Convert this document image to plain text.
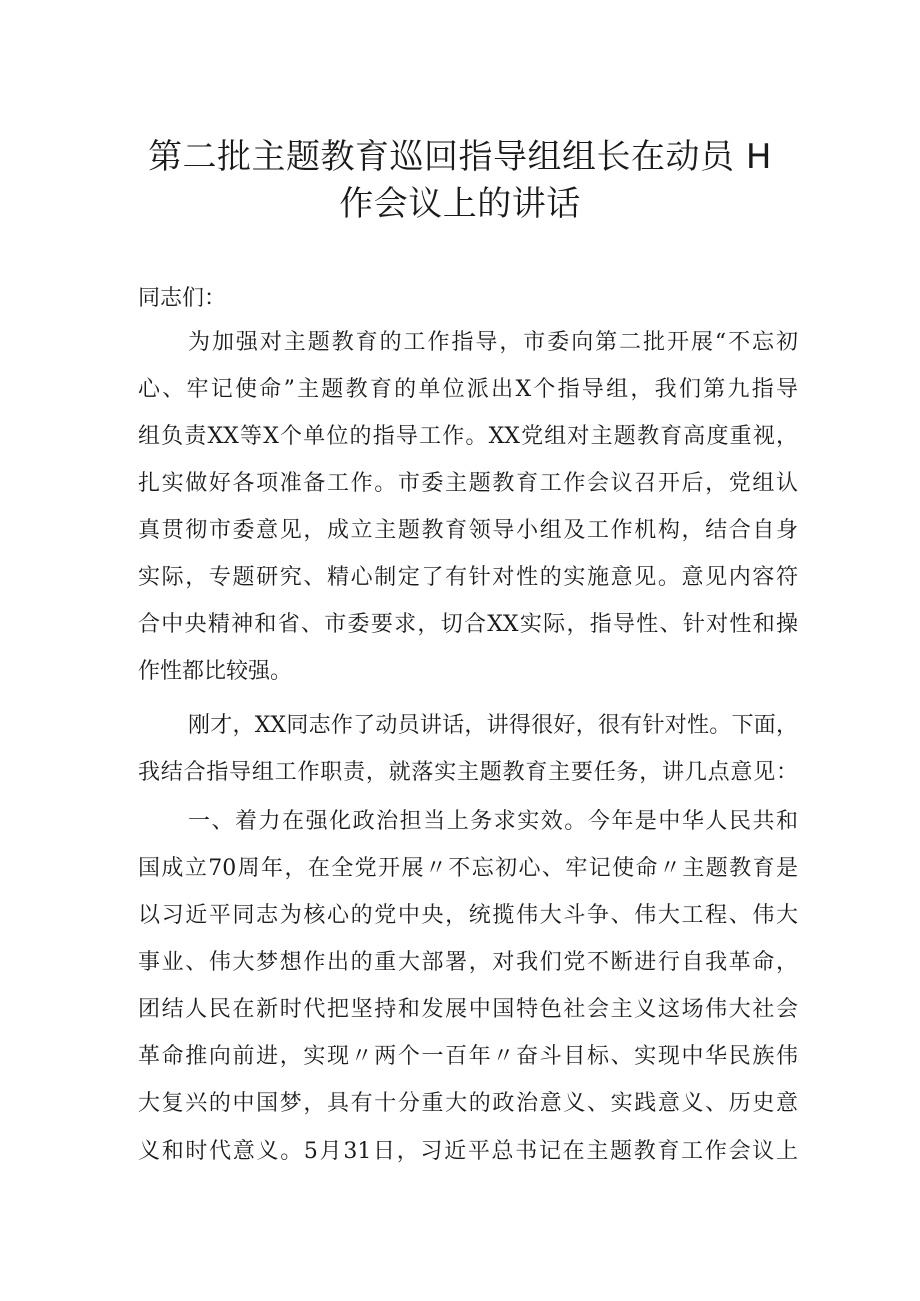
第二批主题教育巡回指导组组长在动员 H
作会议上的讲话
同志们：
为加强对主题教育的工作指导，市委向第二批开展“不忘初
心、牢记使命”主题教育的单位派出X个指导组，我们第九指导
组负责XX等X个单位的指导工作。XX党组对主题教育高度重视，
扎实做好各项准备工作。市委主题教育工作会议召开后，党组认
真贯彻市委意见，成立主题教育领导小组及工作机构，结合自身
实际，专题研究、精心制定了有针对性的实施意见。意见内容符
合中央精神和省、市委要求，切合XX实际，指导性、针对性和操
作性都比较强。
刚才，XX同志作了动员讲话，讲得很好，很有针对性。下面，
我结合指导组工作职责，就落实主题教育主要任务，讲几点意见：
一、着力在强化政治担当上务求实效。今年是中华人民共和
国成立70周年，在全党开展〃不忘初心、牢记使命〃主题教育是
以习近平同志为核心的党中央，统揽伟大斗争、伟大工程、伟大
事业、伟大梦想作出的重大部署，对我们党不断进行自我革命，
团结人民在新时代把坚持和发展中国特色社会主义这场伟大社会
革命推向前进，实现〃两个一百年〃奋斗目标、实现中华民族伟
大复兴的中国梦，具有十分重大的政治意义、实践意义、历史意
义和时代意义。5月31日，习近平总书记在主题教育工作会议上
